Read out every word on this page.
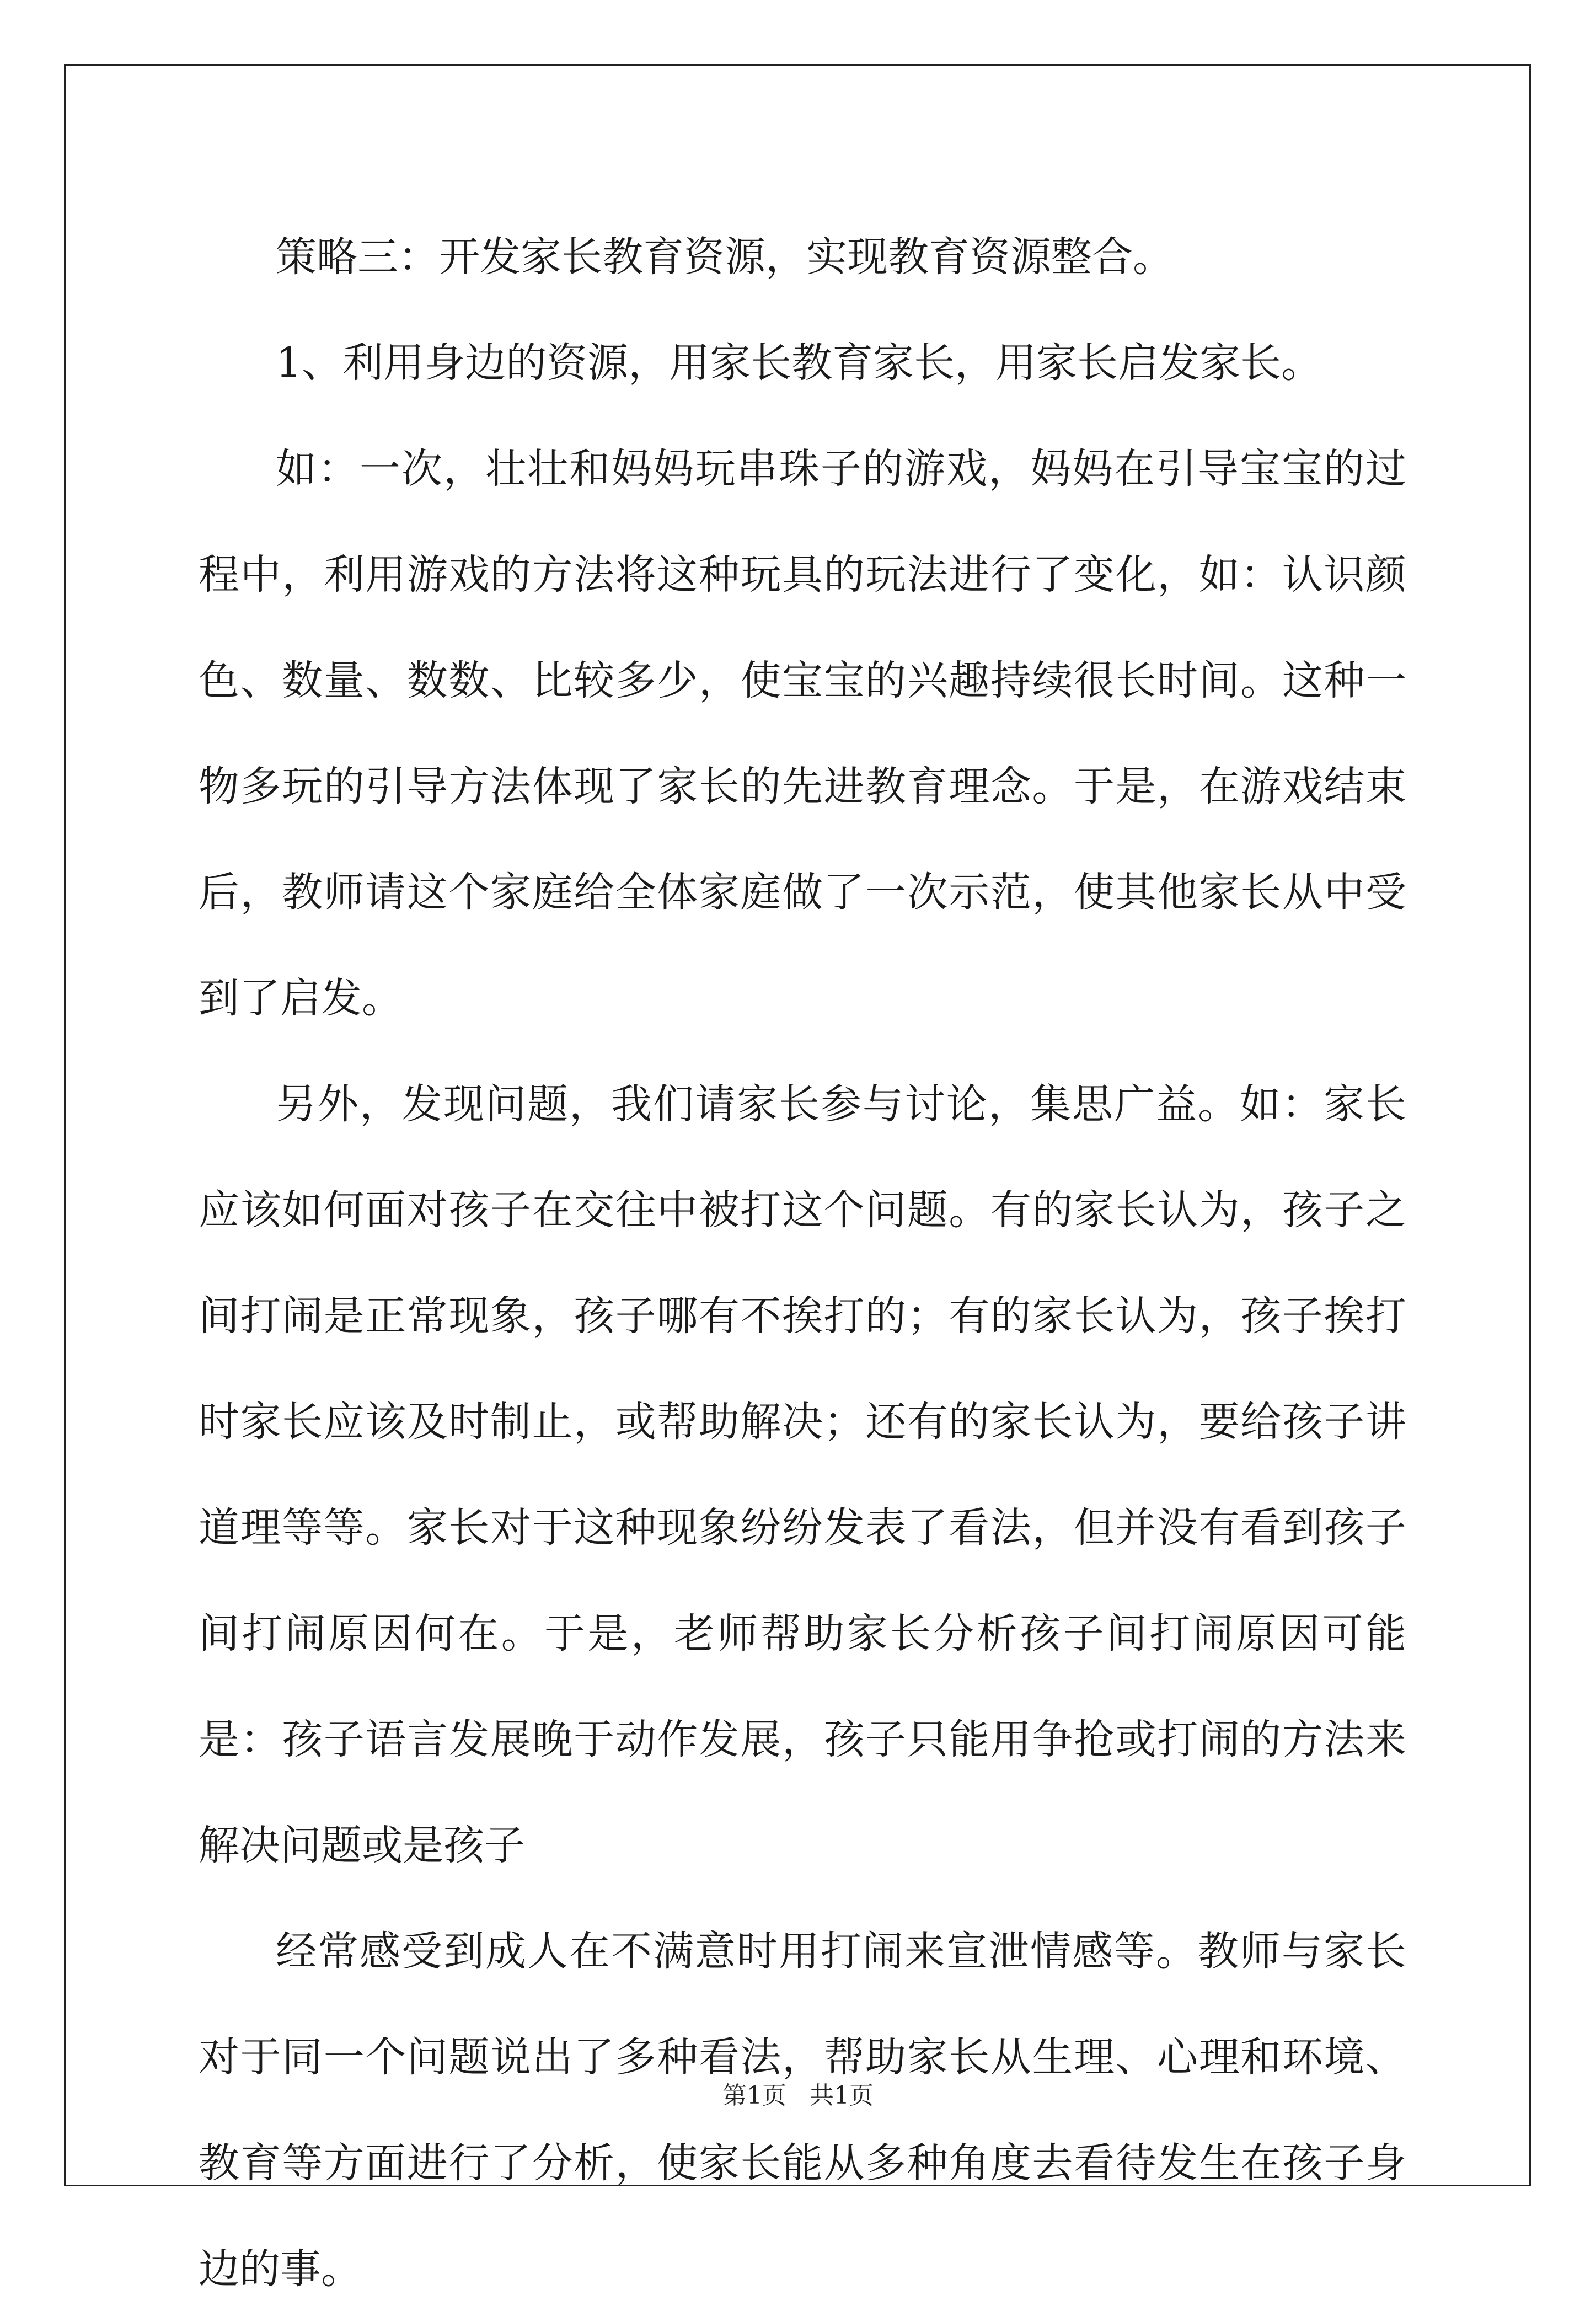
策略三：开发家长教育资源，实现教育资源整合。

1、利用身边的资源，用家长教育家长，用家长启发家长。

如：一次，壮壮和妈妈玩串珠子的游戏，妈妈在引导宝宝的过程中，利用游戏的方法将这种玩具的玩法进行了变化，如：认识颜色、数量、数数、比较多少，使宝宝的兴趣持续很长时间。这种一物多玩的引导方法体现了家长的先进教育理念。于是，在游戏结束后，教师请这个家庭给全体家庭做了一次示范，使其他家长从中受到了启发。

另外，发现问题，我们请家长参与讨论，集思广益。如：家长应该如何面对孩子在交往中被打这个问题。有的家长认为，孩子之间打闹是正常现象，孩子哪有不挨打的；有的家长认为，孩子挨打时家长应该及时制止，或帮助解决；还有的家长认为，要给孩子讲道理等等。家长对于这种现象纷纷发表了看法，但并没有看到孩子间打闹原因何在。于是，老师帮助家长分析孩子间打闹原因可能是：孩子语言发展晚于动作发展，孩子只能用争抢或打闹的方法来解决问题或是孩子

经常感受到成人在不满意时用打闹来宣泄情感等。教师与家长对于同一个问题说出了多种看法，帮助家长从生理、心理和环境、教育等方面进行了分析，使家长能从多种角度去看待发生在孩子身边的事。

第1页   共1页
